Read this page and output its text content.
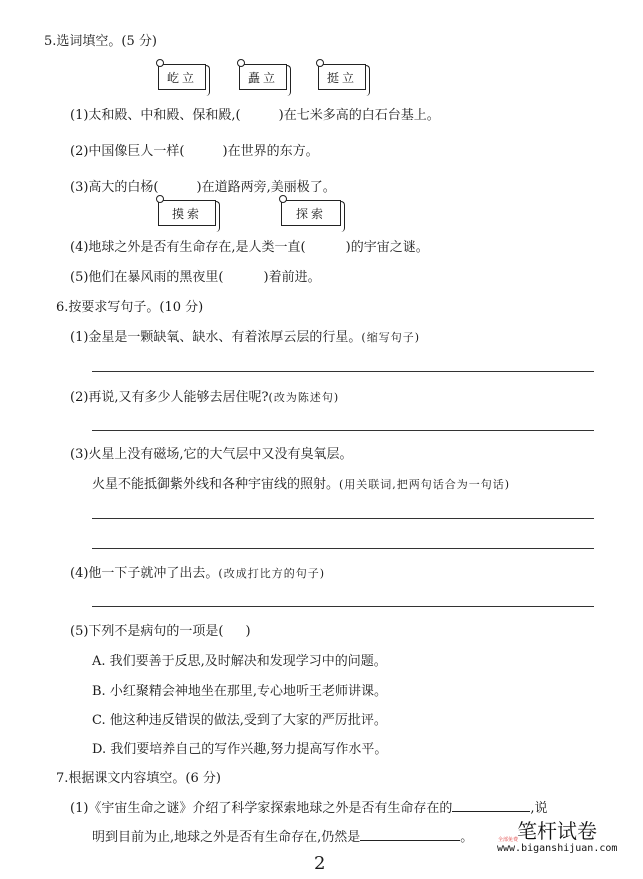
5.选词填空。(5 分)
屹立	矗立	挺立
(1)太和殿、中和殿、保和殿,(	)在七米多高的白石台基上。
(2)中国像巨人一样(	)在世界的东方。
(3)高大的白杨(	)在道路两旁,美丽极了。
摸索	探索
(4)地球之外是否有生命存在,是人类一直(	)的宇宙之谜。
(5)他们在暴风雨的黑夜里(	)着前进。
6.按要求写句子。(10 分)
(1)金星是一颗缺氧、缺水、有着浓厚云层的行星。(缩写句子)
(2)再说,又有多少人能够去居住呢?(改为陈述句)
(3)火星上没有磁场,它的大气层中又没有臭氧层。
火星不能抵御紫外线和各种宇宙线的照射。(用关联词,把两句话合为一句话)
(4)他一下子就冲了出去。(改成打比方的句子)
(5)下列不是病句的一项是( )
A. 我们要善于反思,及时解决和发现学习中的问题。
B. 小红聚精会神地坐在那里,专心地听王老师讲课。
C. 他这种违反错误的做法,受到了大家的严厉批评。
D. 我们要培养自己的写作兴趣,努力提高写作水平。
7.根据课文内容填空。(6 分)
(1)《宇宙生命之谜》介绍了科学家探索地球之外是否有生命存在的	,说
明到目前为止,地球之外是否有生命存在,仍然是	。 笔杆试卷
全部免费
www.biganshijuan.com
2
